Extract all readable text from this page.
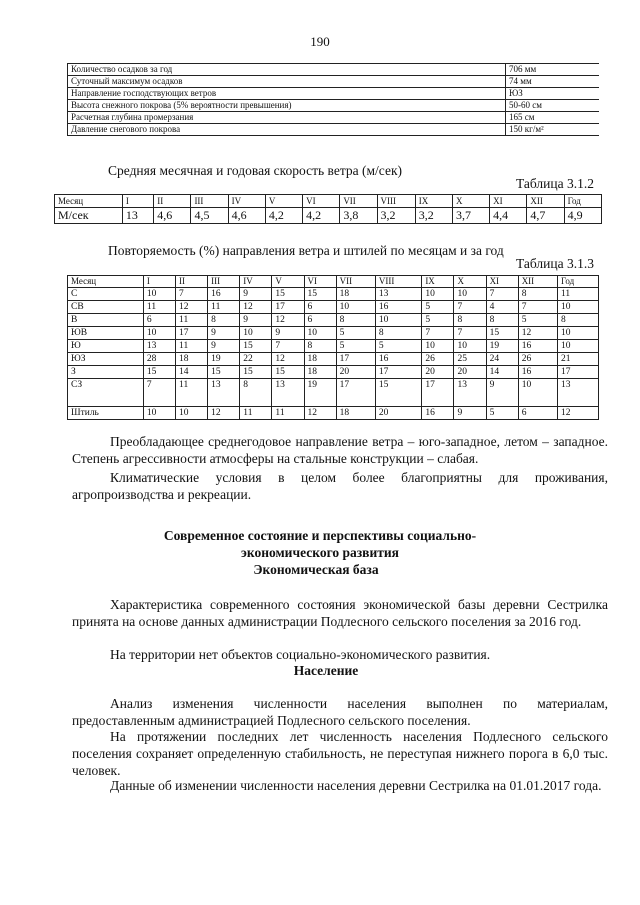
190
Количество осадков за год	706 мм
Суточный максимум осадков	74 мм
Направление господствующих ветров	ЮЗ
Высота снежного покрова (5% вероятности превышения)	50-60 см
Расчетная глубина промерзания	165 см
Давление снегового покрова	150 кг/м²
Средняя месячная и годовая скорость ветра (м/сек)
Таблица 3.1.2
Месяц	I	II	III	IV	V	VI	VII	VIII	IX	X	XI	XII	Год
М/сек	13	4,6	4,5	4,6	4,2	4,2	3,8	3,2	3,2	3,7	4,4	4,7	4,9
Повторяемость (%) направления ветра и штилей по месяцам и за год
Таблица 3.1.3
Месяц	I	II	III	IV	V	VI	VII	VIII	IX	X	XI	XII	Год
С	10	7	16	9	15	15	18	13	10	10	7	8	11
СВ	11	12	11	12	17	6	10	16	5	7	4	7	10
В	6	11	8	9	12	6	8	10	5	8	8	5	8
ЮВ	10	17	9	10	9	10	5	8	7	7	15	12	10
Ю	13	11	9	15	7	8	5	5	10	10	19	16	10
ЮЗ	28	18	19	22	12	18	17	16	26	25	24	26	21
З	15	14	15	15	15	18	20	17	20	20	14	16	17
СЗ	7	11	13	8	13	19	17	15	17	13	9	10	13
Штиль	10	10	12	11	11	12	18	20	16	9	5	6	12
Преобладающее среднегодовое направление ветра – юго-западное, летом – западное. Степень агрессивности атмосферы на стальные конструкции – слабая.
Климатические условия в целом более благоприятны для проживания, агропроизводства и рекреации.
Современное состояние и перспективы социально-
экономического развития
Экономическая база
Характеристика современного состояния экономической базы деревни Сестрилка принята на основе данных администрации Подлесного сельского поселения за 2016 год.
На территории нет объектов социально-экономического развития.
Население
Анализ изменения численности населения выполнен по материалам, предоставленным администрацией Подлесного сельского поселения.
На протяжении последних лет численность населения Подлесного сельского поселения сохраняет определенную стабильность, не переступая нижнего порога в 6,0 тыс. человек.
Данные об изменении численности населения деревни Сестрилка на 01.01.2017 года.
